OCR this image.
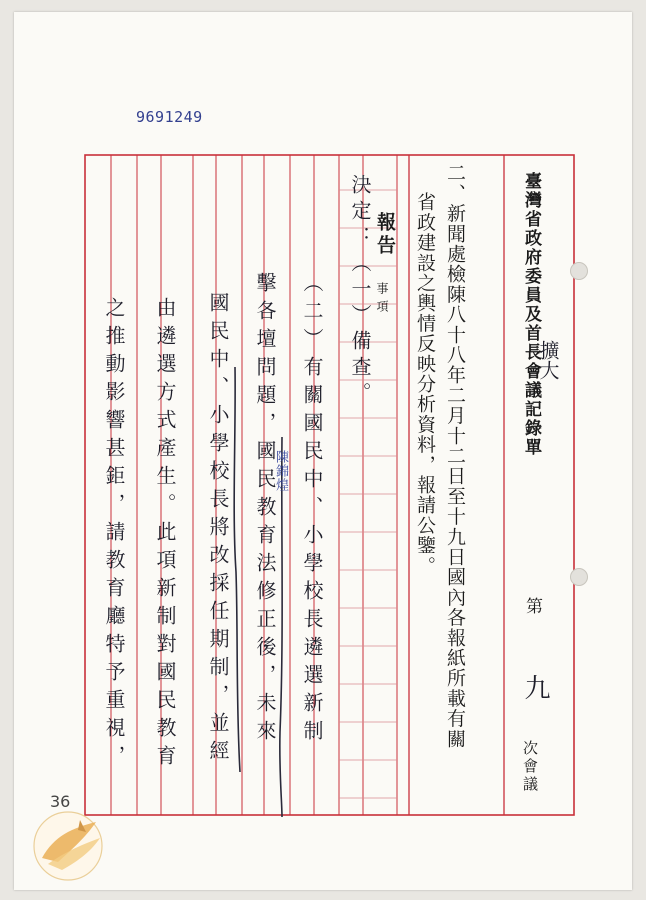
9691249
臺灣省政府委員及首長會議記錄單
擴大
第
九
次會議
二、新聞處檢陳八十八年二月十二日至十九日國內各報紙所載有關
省政建設之輿情反映分析資料，報請公鑒。
報告
事項
決定：（一）備查。
（二）有關國民中、小學校長遴選新制
擊各壇問題，國民教育法修正後，未來
國民中、小學校長將改採任期制，並經
由遴選方式產生。此項新制對國民教育
之推動影響甚鉅，請教育廳特予重視，	陳錦煌
36
